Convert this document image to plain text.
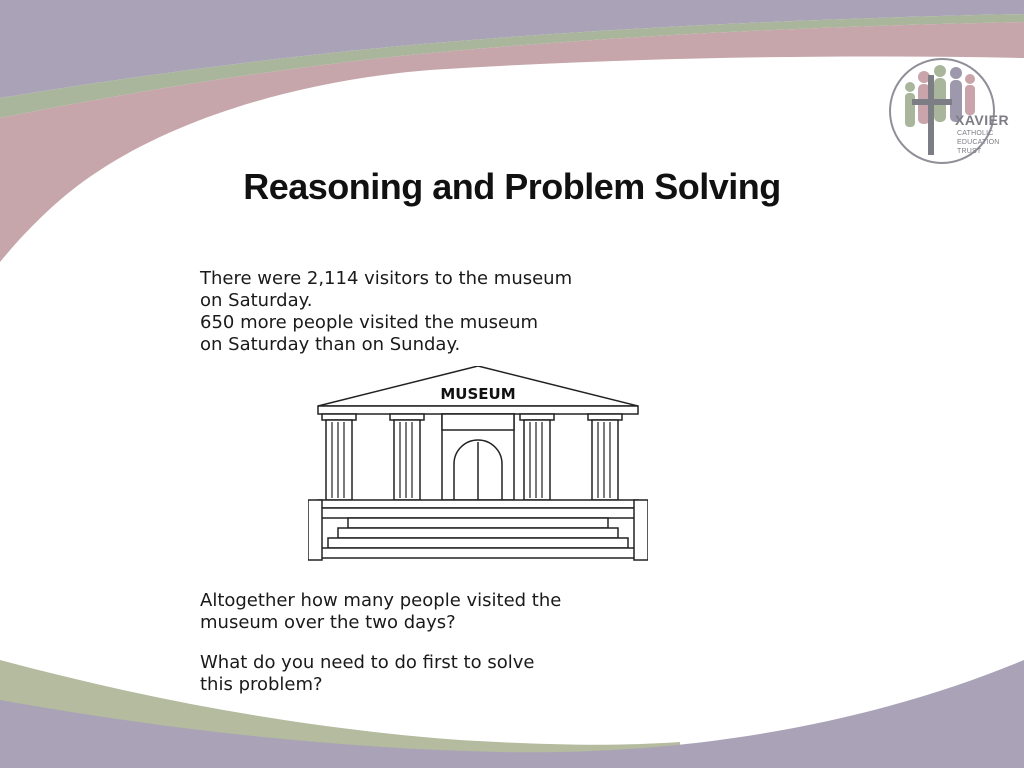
XAVIER
CATHOLIC
EDUCATION
TRUST
Reasoning and Problem Solving

There were 2,114 visitors to the museum

on Saturday.

650 more people visited the museum

on Saturday than on Sunday.

MUSEUM

Altogether how many people visited the

museum over the two days?

What do you need to do first to solve

this problem?
